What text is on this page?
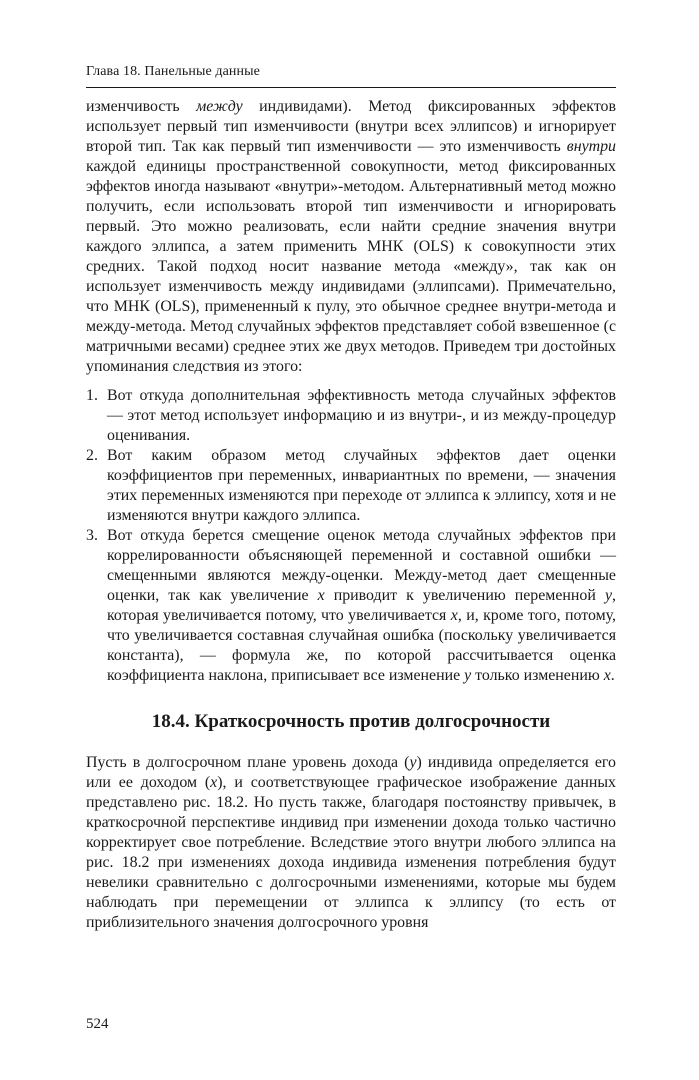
Глава 18. Панельные данные

изменчивость между индивидами). Метод фиксированных эффектов использует первый тип изменчивости (внутри всех эллипсов) и игнорирует второй тип. Так как первый тип изменчивости — это изменчивость внутри каждой единицы пространственной совокупности, метод фиксированных эффектов иногда называют «внутри»-методом. Альтернативный метод можно получить, если использовать второй тип изменчивости и игнорировать первый. Это можно реализовать, если найти средние значения внутри каждого эллипса, а затем применить МНК (OLS) к совокупности этих средних. Такой подход носит название метода «между», так как он использует изменчивость между индивидами (эллипсами). Примечательно, что МНК (OLS), примененный к пулу, это обычное среднее внутри-метода и между-метода. Метод случайных эффектов представляет собой взвешенное (с матричными весами) среднее этих же двух методов. Приведем три достойных упоминания следствия из этого:

1. Вот откуда дополнительная эффективность метода случайных эффектов — этот метод использует информацию и из внутри-, и из между-процедур оценивания.
2. Вот каким образом метод случайных эффектов дает оценки коэффициентов при переменных, инвариантных по времени, — значения этих переменных изменяются при переходе от эллипса к эллипсу, хотя и не изменяются внутри каждого эллипса.
3. Вот откуда берется смещение оценок метода случайных эффектов при коррелированности объясняющей переменной и составной ошибки — смещенными являются между-оценки. Между-метод дает смещенные оценки, так как увеличение x приводит к увеличению переменной y, которая увеличивается потому, что увеличивается x, и, кроме того, потому, что увеличивается составная случайная ошибка (поскольку увеличивается константа), — формула же, по которой рассчитывается оценка коэффициента наклона, приписывает все изменение y только изменению x.
18.4. Краткосрочность против долгосрочности

Пусть в долгосрочном плане уровень дохода (y) индивида определяется его или ее доходом (x), и соответствующее графическое изображение данных представлено рис. 18.2. Но пусть также, благодаря постоянству привычек, в краткосрочной перспективе индивид при изменении дохода только частично корректирует свое потребление. Вследствие этого внутри любого эллипса на рис. 18.2 при изменениях дохода индивида изменения потребления будут невелики сравнительно с долгосрочными изменениями, которые мы будем наблюдать при перемещении от эллипса к эллипсу (то есть от приблизительного значения долгосрочного уровня

524
